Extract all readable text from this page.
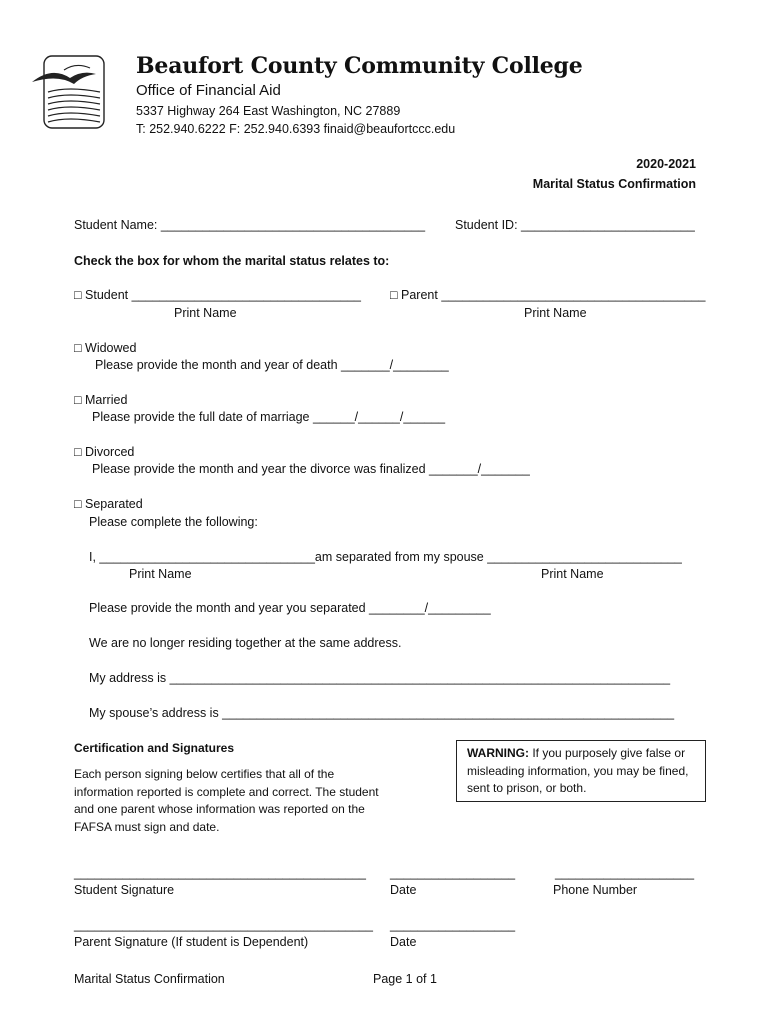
Beaufort County Community College
Office of Financial Aid
5337 Highway 264 East Washington, NC 27889
T: 252.940.6222 F: 252.940.6393 finaid@beaufortccc.edu
2020-2021
Marital Status Confirmation
Student Name: ______________________________________ Student ID: _________________________
Check the box for whom the marital status relates to:
□ Student _________________________________ □ Parent ______________________________________
Print Name	Print Name
□ Widowed
Please provide the month and year of death _______/________
□ Married
Please provide the full date of marriage ______/______/______
□ Divorced
Please provide the month and year the divorce was finalized _______/_______
□ Separated
Please complete the following:
I, _______________________________am separated from my spouse ____________________________
Print Name	Print Name
Please provide the month and year you separated ________/_________
We are no longer residing together at the same address.
My address is ________________________________________________________________________
My spouse’s address is _________________________________________________________________
Certification and Signatures
Each person signing below certifies that all of the information reported is complete and correct. The student and one parent whose information was reported on the FAFSA must sign and date.
WARNING: If you purposely give false or misleading information, you may be fined, sent to prison, or both.
__________________________________________ __________________	____________________
Student Signature	Date	Phone Number
___________________________________________ __________________
Parent Signature (If student is Dependent)	Date
Marital Status Confirmation	Page 1 of 1
